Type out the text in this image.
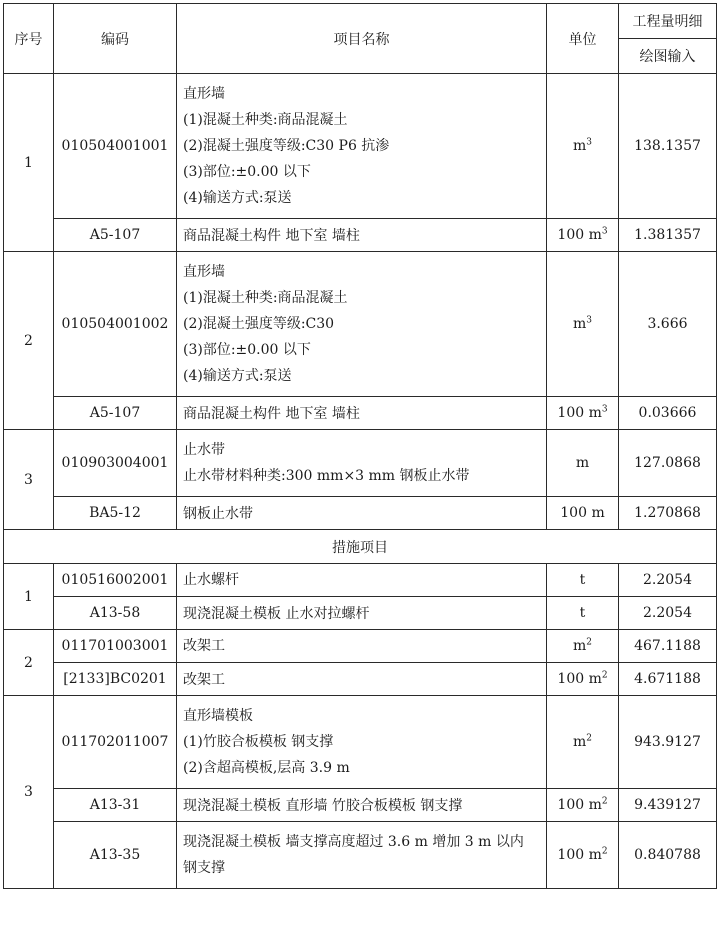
序号	编码	项目名称	单位	工程量明细
				绘图输入
1	010504001001	直形墙
(1)混凝土种类:商品混凝土
(2)混凝土强度等级:C30 P6 抗渗
(3)部位:±0.00 以下
(4)输送方式:泵送	$m^3$	138.1357
	A5-107	商品混凝土构件 地下室 墙柱	100 $m^3$	1.381357
2	010504001002	直形墙
(1)混凝土种类:商品混凝土
(2)混凝土强度等级:C30
(3)部位:±0.00 以下
(4)输送方式:泵送	$m^3$	3.666
	A5-107	商品混凝土构件 地下室 墙柱	100 $m^3$	0.03666
3	010903004001	止水带
止水带材料种类:300 mm×3 mm 钢板止水带	m	127.0868
	BA5-12	钢板止水带	100 m	1.270868
措施项目				
1	010516002001	止水螺杆	t	2.2054
	A13-58	现浇混凝土模板 止水对拉螺杆	t	2.2054
2	011701003001	改架工	$m^2$	467.1188
	[2133]BC0201	改架工	100 $m^2$	4.671188
3	011702011007	直形墙模板
(1)竹胶合板模板 钢支撑
(2)含超高模板,层高 3.9 m	$m^2$	943.9127
	A13-31	现浇混凝土模板 直形墙 竹胶合板模板 钢支撑	100 $m^2$	9.439127
	A13-35	现浇混凝土模板 墙支撑高度超过 3.6 m 增加 3 m 以内 钢支撑	100 $m^2$	0.840788
